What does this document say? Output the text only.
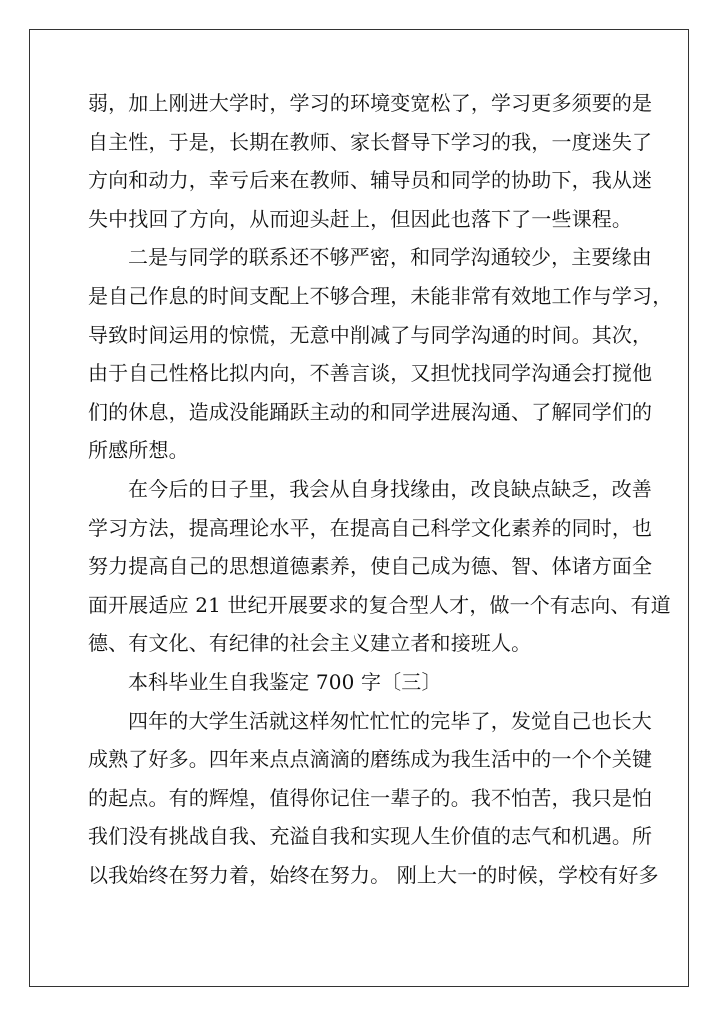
弱，加上刚进大学时，学习的环境变宽松了，学习更多须要的是
自主性，于是，长期在教师、家长督导下学习的我，一度迷失了
方向和动力，幸亏后来在教师、辅导员和同学的协助下，我从迷
失中找回了方向，从而迎头赶上，但因此也落下了一些课程。
二是与同学的联系还不够严密，和同学沟通较少，主要缘由
是自己作息的时间支配上不够合理，未能非常有效地工作与学习，
导致时间运用的惊慌，无意中削减了与同学沟通的时间。其次，
由于自己性格比拟内向，不善言谈，又担忧找同学沟通会打搅他
们的休息，造成没能踊跃主动的和同学进展沟通、了解同学们的
所感所想。
在今后的日子里，我会从自身找缘由，改良缺点缺乏，改善
学习方法，提高理论水平，在提高自己科学文化素养的同时，也
努力提高自己的思想道德素养，使自己成为德、智、体诸方面全
面开展适应 21 世纪开展要求的复合型人才，做一个有志向、有道
德、有文化、有纪律的社会主义建立者和接班人。
本科毕业生自我鉴定 700 字〔三〕
四年的大学生活就这样匆忙忙忙的完毕了，发觉自己也长大
成熟了好多。四年来点点滴滴的磨练成为我生活中的一个个关键
的起点。有的辉煌，值得你记住一辈子的。我不怕苦，我只是怕
我们没有挑战自我、充溢自我和实现人生价值的志气和机遇。所
以我始终在努力着，始终在努力。 刚上大一的时候，学校有好多
